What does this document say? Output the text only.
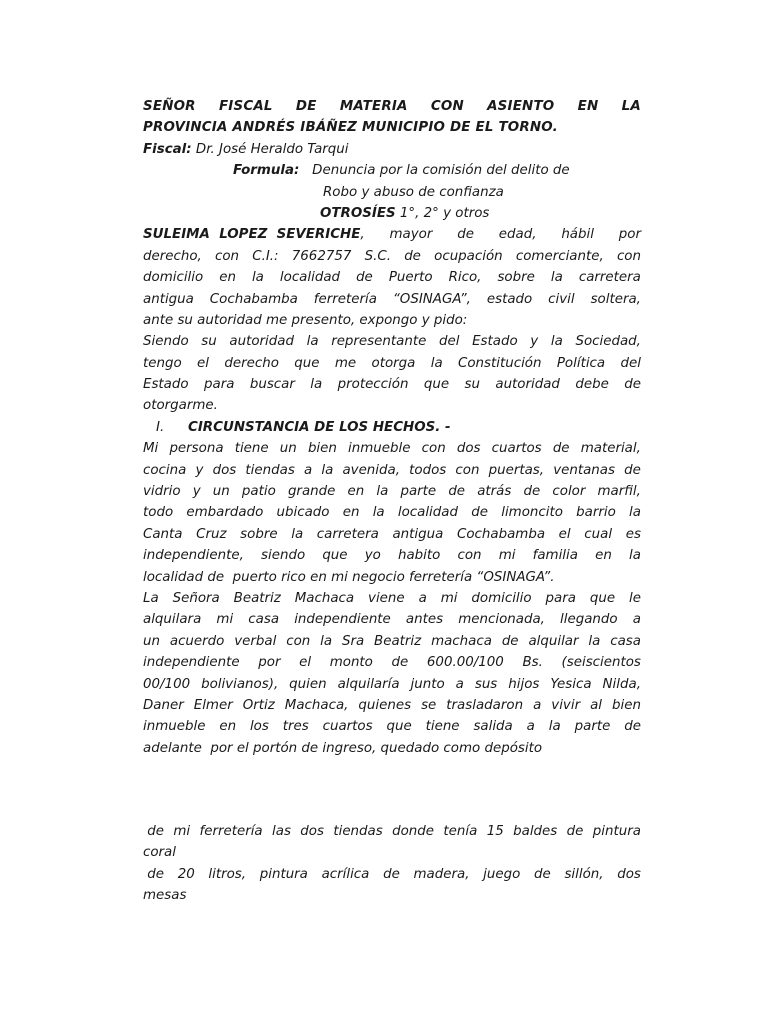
SEÑOR FISCAL DE MATERIA CON ASIENTO EN LA
PROVINCIA ANDRÉS IBÁÑEZ MUNICIPIO DE EL TORNO.
Fiscal: Dr. José Heraldo Tarqui
Formula: Denuncia por la comisión del delito de
Robo y abuso de confianza
OTROSÍES 1°, 2° y otros
SULEIMA  LOPEZ  SEVERICHE, mayor de edad, hábil por
derecho, con C.I.: 7662757 S.C. de ocupación comerciante, con
domicilio en la localidad de Puerto Rico, sobre la carretera
antigua Cochabamba ferretería “OSINAGA”, estado civil soltera,
ante su autoridad me presento, expongo y pido:
Siendo su autoridad la representante del Estado y la Sociedad,
tengo el derecho que me otorga la Constitución Política del
Estado para buscar la protección que su autoridad debe de
otorgarme.
I. CIRCUNSTANCIA DE LOS HECHOS. -
Mi persona tiene un bien inmueble con dos cuartos de material,
cocina y dos tiendas a la avenida, todos con puertas, ventanas de
vidrio y un patio grande en la parte de atrás de color marfil,
todo embardado ubicado en la localidad de limoncito barrio la
Canta Cruz sobre la carretera antigua Cochabamba el cual es
independiente, siendo que yo habito con mi familia en la
localidad de  puerto rico en mi negocio ferretería “OSINAGA”.
La Señora Beatriz Machaca viene a mi domicilio para que le
alquilara mi casa independiente antes mencionada, llegando a
un acuerdo verbal con la Sra Beatriz machaca de alquilar la casa
independiente por el monto de 600.00/100 Bs. (seiscientos
00/100 bolivianos), quien alquilaría junto a sus hijos Yesica Nilda,
Daner Elmer Ortiz Machaca, quienes se trasladaron a vivir al bien
inmueble en los tres cuartos que tiene salida a la parte de
adelante  por el portón de ingreso, quedado como depósito
de mi ferretería las dos tiendas donde tenía 15 baldes de pintura
coral
de 20 litros, pintura acrílica de madera, juego de sillón, dos
mesas
